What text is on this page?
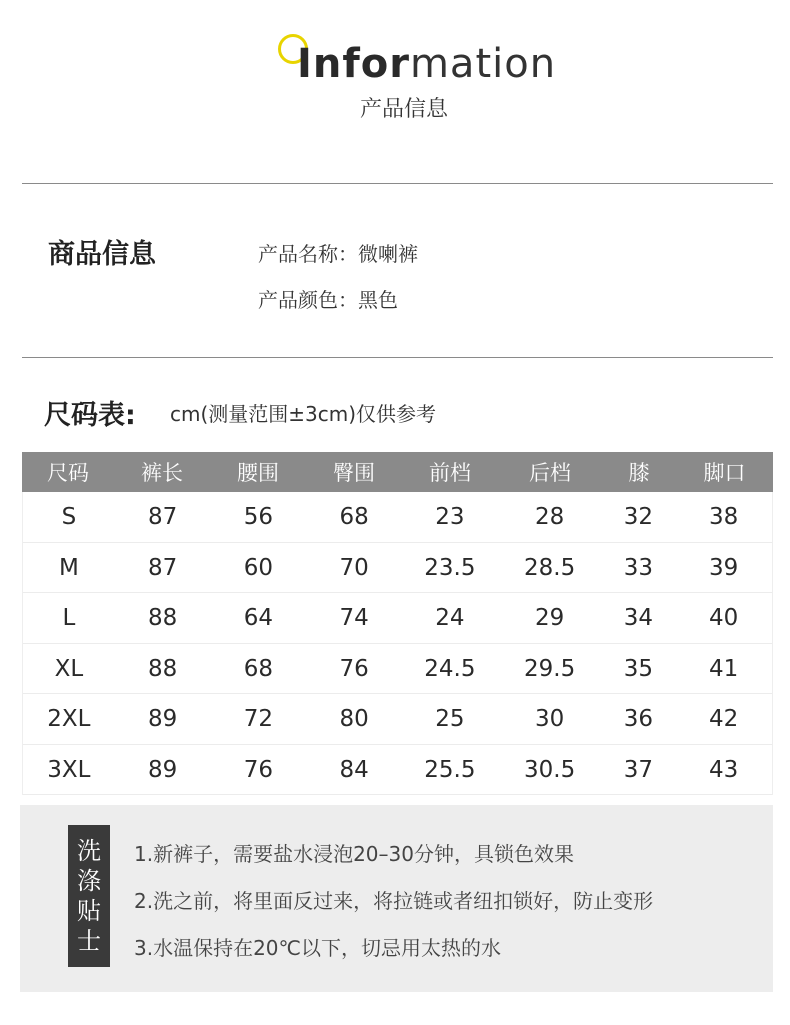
Information
产品信息
商品信息	产品名称：微喇裤
产品颜色：黑色
尺码表: cm(测量范围±3cm)仅供参考
尺码	裤长	腰围	臀围	前档	后档	膝	脚口
S	87	56	68	23	28	32	38
M	87	60	70	23.5	28.5	33	39
L	88	64	74	24	29	34	40
XL	88	68	76	24.5	29.5	35	41
2XL	89	72	80	25	30	36	42
3XL	89	76	84	25.5	30.5	37	43
洗
涤
贴
士
1.新裤子，需要盐水浸泡20–30分钟，具锁色效果
2.洗之前，将里面反过来，将拉链或者纽扣锁好，防止变形
3.水温保持在20℃以下，切忌用太热的水
